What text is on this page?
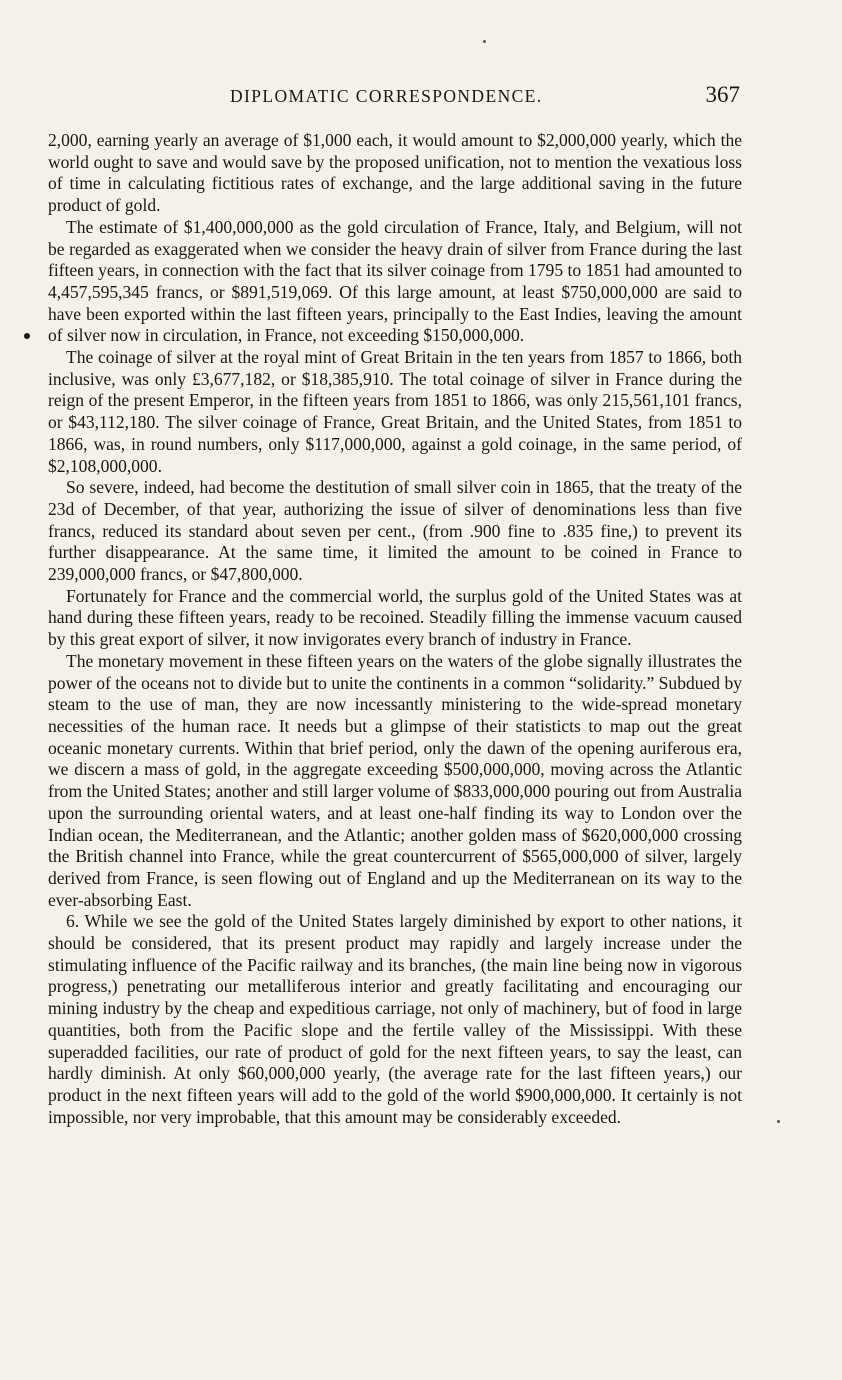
DIPLOMATIC CORRESPONDENCE.	367

2,000, earning yearly an average of $1,000 each, it would amount to $2,000,000 yearly, which the world ought to save and would save by the proposed unification, not to mention the vexatious loss of time in calculating fictitious rates of exchange, and the large additional saving in the future product of gold.

The estimate of $1,400,000,000 as the gold circulation of France, Italy, and Belgium, will not be regarded as exaggerated when we consider the heavy drain of silver from France during the last fifteen years, in connection with the fact that its silver coinage from 1795 to 1851 had amounted to 4,457,595,345 francs, or $891,519,069. Of this large amount, at least $750,000,000 are said to have been exported within the last fifteen years, principally to the East Indies, leaving the amount of silver now in circulation, in France, not exceeding $150,000,000.

The coinage of silver at the royal mint of Great Britain in the ten years from 1857 to 1866, both inclusive, was only £3,677,182, or $18,385,910. The total coinage of silver in France during the reign of the present Emperor, in the fifteen years from 1851 to 1866, was only 215,561,101 francs, or $43,112,180. The silver coinage of France, Great Britain, and the United States, from 1851 to 1866, was, in round numbers, only $117,000,000, against a gold coinage, in the same period, of $2,108,000,000.

So severe, indeed, had become the destitution of small silver coin in 1865, that the treaty of the 23d of December, of that year, authorizing the issue of silver of denominations less than five francs, reduced its standard about seven per cent., (from .900 fine to .835 fine,) to prevent its further disappearance. At the same time, it limited the amount to be coined in France to 239,000,000 francs, or $47,800,000.

Fortunately for France and the commercial world, the surplus gold of the United States was at hand during these fifteen years, ready to be recoined. Steadily filling the immense vacuum caused by this great export of silver, it now invigorates every branch of industry in France.

The monetary movement in these fifteen years on the waters of the globe signally illustrates the power of the oceans not to divide but to unite the continents in a common “solidarity.” Subdued by steam to the use of man, they are now incessantly ministering to the wide-spread monetary necessities of the human race. It needs but a glimpse of their statisticts to map out the great oceanic monetary currents. Within that brief period, only the dawn of the opening auriferous era, we discern a mass of gold, in the aggregate exceeding $500,000,000, moving across the Atlantic from the United States; another and still larger volume of $833,000,000 pouring out from Australia upon the surrounding oriental waters, and at least one-half finding its way to London over the Indian ocean, the Mediterranean, and the Atlantic; another golden mass of $620,000,000 crossing the British channel into France, while the great countercurrent of $565,000,000 of silver, largely derived from France, is seen flowing out of England and up the Mediterranean on its way to the ever-absorbing East.

6. While we see the gold of the United States largely diminished by export to other nations, it should be considered, that its present product may rapidly and largely increase under the stimulating influence of the Pacific railway and its branches, (the main line being now in vigorous progress,) penetrating our metalliferous interior and greatly facilitating and encouraging our mining industry by the cheap and expeditious carriage, not only of machinery, but of food in large quantities, both from the Pacific slope and the fertile valley of the Mississippi. With these superadded facilities, our rate of product of gold for the next fifteen years, to say the least, can hardly diminish. At only $60,000,000 yearly, (the average rate for the last fifteen years,) our product in the next fifteen years will add to the gold of the world $900,000,000. It certainly is not impossible, nor very improbable, that this amount may be considerably exceeded.
